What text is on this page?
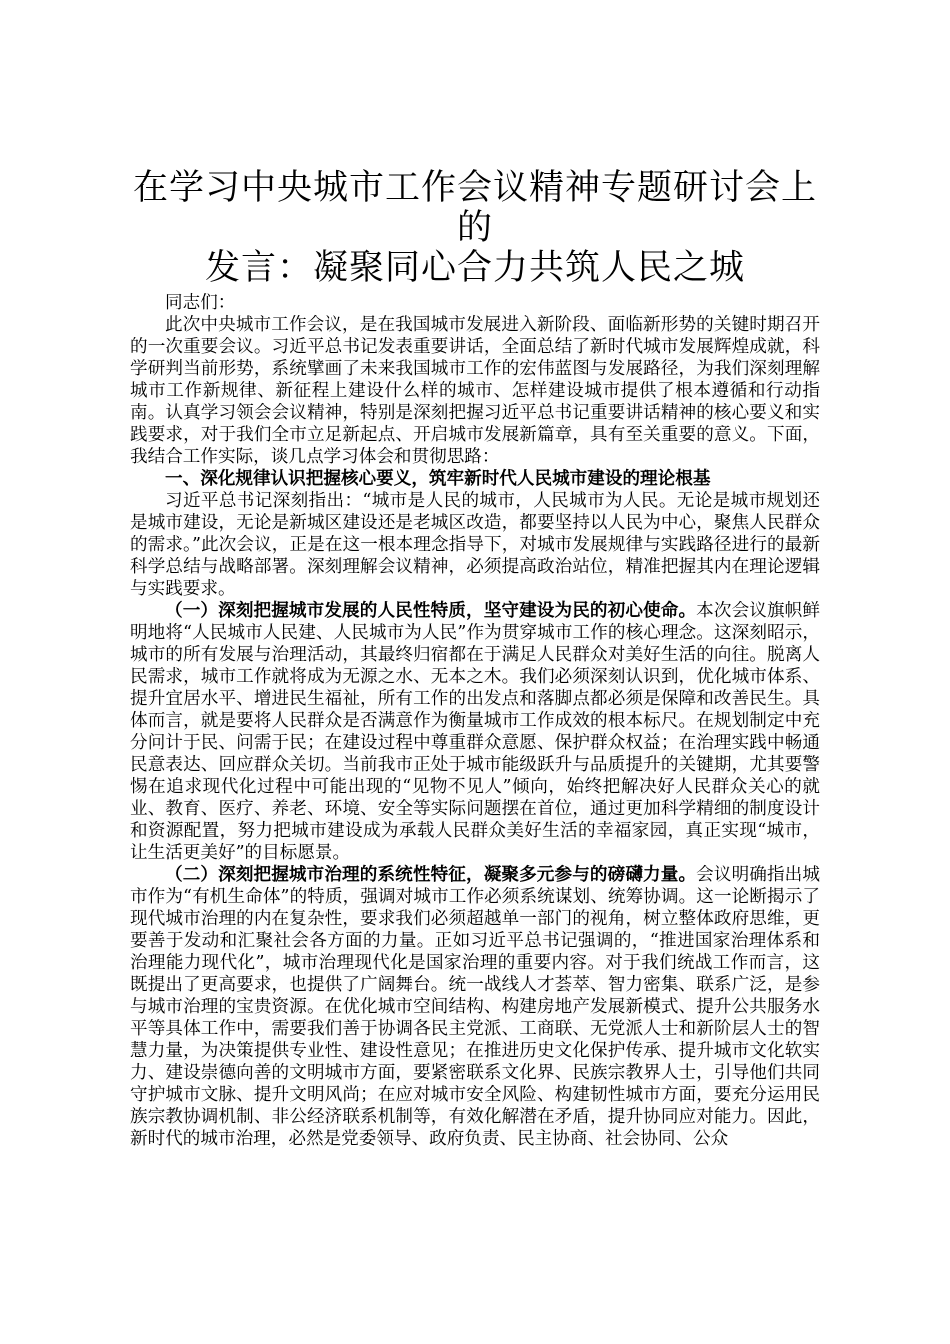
在学习中央城市工作会议精神专题研讨会上的
发言：凝聚同心合力共筑人民之城

同志们：

此次中央城市工作会议，是在我国城市发展进入新阶段、面临新形势的关键时期召开的一次重要会议。习近平总书记发表重要讲话，全面总结了新时代城市发展辉煌成就，科学研判当前形势，系统擘画了未来我国城市工作的宏伟蓝图与发展路径，为我们深刻理解城市工作新规律、新征程上建设什么样的城市、怎样建设城市提供了根本遵循和行动指南。认真学习领会会议精神，特别是深刻把握习近平总书记重要讲话精神的核心要义和实践要求，对于我们全市立足新起点、开启城市发展新篇章，具有至关重要的意义。下面，我结合工作实际，谈几点学习体会和贯彻思路：

一、深化规律认识把握核心要义，筑牢新时代人民城市建设的理论根基

习近平总书记深刻指出：“城市是人民的城市，人民城市为人民。无论是城市规划还是城市建设，无论是新城区建设还是老城区改造，都要坚持以人民为中心，聚焦人民群众的需求。”此次会议，正是在这一根本理念指导下，对城市发展规律与实践路径进行的最新科学总结与战略部署。深刻理解会议精神，必须提高政治站位，精准把握其内在理论逻辑与实践要求。

（一）深刻把握城市发展的人民性特质，坚守建设为民的初心使命。本次会议旗帜鲜明地将“人民城市人民建、人民城市为人民”作为贯穿城市工作的核心理念。这深刻昭示，城市的所有发展与治理活动，其最终归宿都在于满足人民群众对美好生活的向往。脱离人民需求，城市工作就将成为无源之水、无本之木。我们必须深刻认识到，优化城市体系、提升宜居水平、增进民生福祉，所有工作的出发点和落脚点都必须是保障和改善民生。具体而言，就是要将人民群众是否满意作为衡量城市工作成效的根本标尺。在规划制定中充分问计于民、问需于民；在建设过程中尊重群众意愿、保护群众权益；在治理实践中畅通民意表达、回应群众关切。当前我市正处于城市能级跃升与品质提升的关键期，尤其要警惕在追求现代化过程中可能出现的“见物不见人”倾向，始终把解决好人民群众关心的就业、教育、医疗、养老、环境、安全等实际问题摆在首位，通过更加科学精细的制度设计和资源配置，努力把城市建设成为承载人民群众美好生活的幸福家园，真正实现“城市，让生活更美好”的目标愿景。

（二）深刻把握城市治理的系统性特征，凝聚多元参与的磅礴力量。会议明确指出城市作为“有机生命体”的特质，强调对城市工作必须系统谋划、统筹协调。这一论断揭示了现代城市治理的内在复杂性，要求我们必须超越单一部门的视角，树立整体政府思维，更要善于发动和汇聚社会各方面的力量。正如习近平总书记强调的，“推进国家治理体系和治理能力现代化”，城市治理现代化是国家治理的重要内容。对于我们统战工作而言，这既提出了更高要求，也提供了广阔舞台。统一战线人才荟萃、智力密集、联系广泛，是参与城市治理的宝贵资源。在优化城市空间结构、构建房地产发展新模式、提升公共服务水平等具体工作中，需要我们善于协调各民主党派、工商联、无党派人士和新阶层人士的智慧力量，为决策提供专业性、建设性意见；在推进历史文化保护传承、提升城市文化软实力、建设崇德向善的文明城市方面，要紧密联系文化界、民族宗教界人士，引导他们共同守护城市文脉、提升文明风尚；在应对城市安全风险、构建韧性城市方面，要充分运用民族宗教协调机制、非公经济联系机制等，有效化解潜在矛盾，提升协同应对能力。因此，新时代的城市治理，必然是党委领导、政府负责、民主协商、社会协同、公众
